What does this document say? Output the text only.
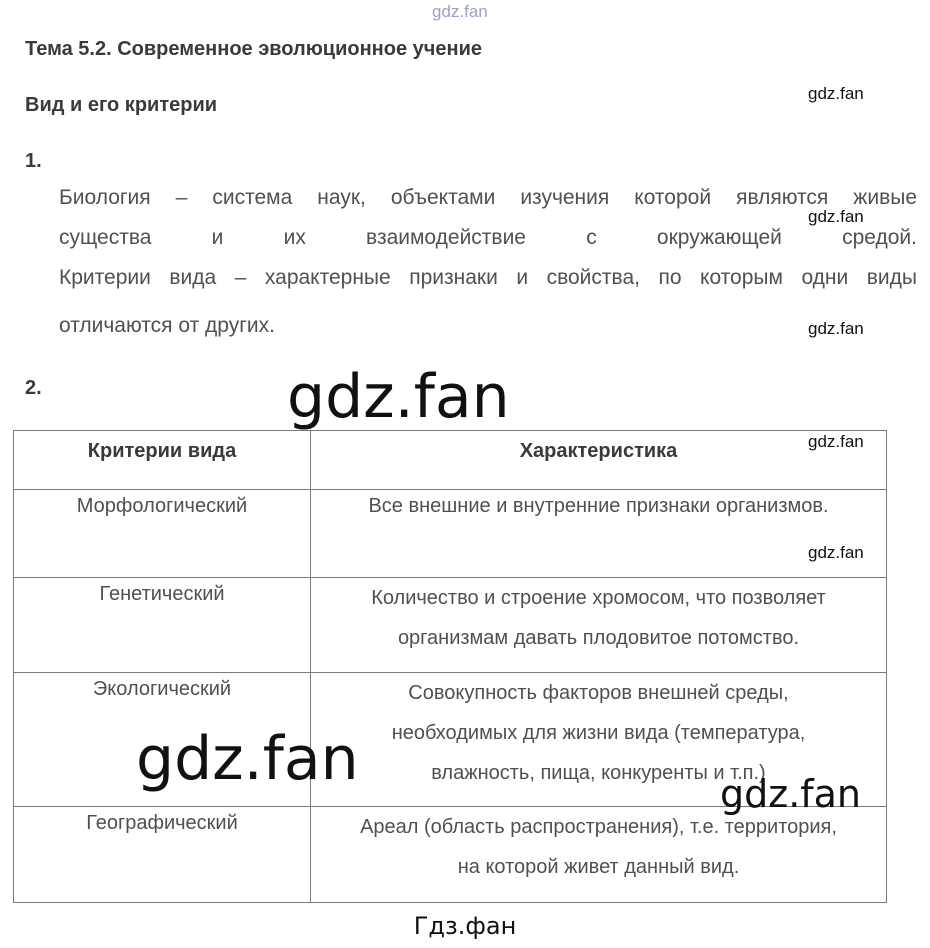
gdz.fan
Тема 5.2. Современное эволюционное учение
Вид и его критерии
gdz.fan
1.
Биология – система наук, объектами изучения которой являются живые
gdz.fan
существа и их взаимодействие с окружающей средой.
Критерии вида – характерные признаки и свойства, по которым одни виды
отличаются от других.	gdz.fan
2.	gdz.fan
Критерии вида	Характеристика
Морфологический	Все внешние и внутренние признаки организмов.

Генетический	Количество и строение хромосом, что позволяет
организмам давать плодовитое потомство.

Экологический	Совокупность факторов внешней среды,
необходимых для жизни вида (температура,
влажность, пища, конкуренты и т.п.)

Географический	Ареал (область распространения), т.е. территория,
на которой живет данный вид.
gdz.fan
gdz.fan
gdz.fan	gdz.fan
Гдз.фан
